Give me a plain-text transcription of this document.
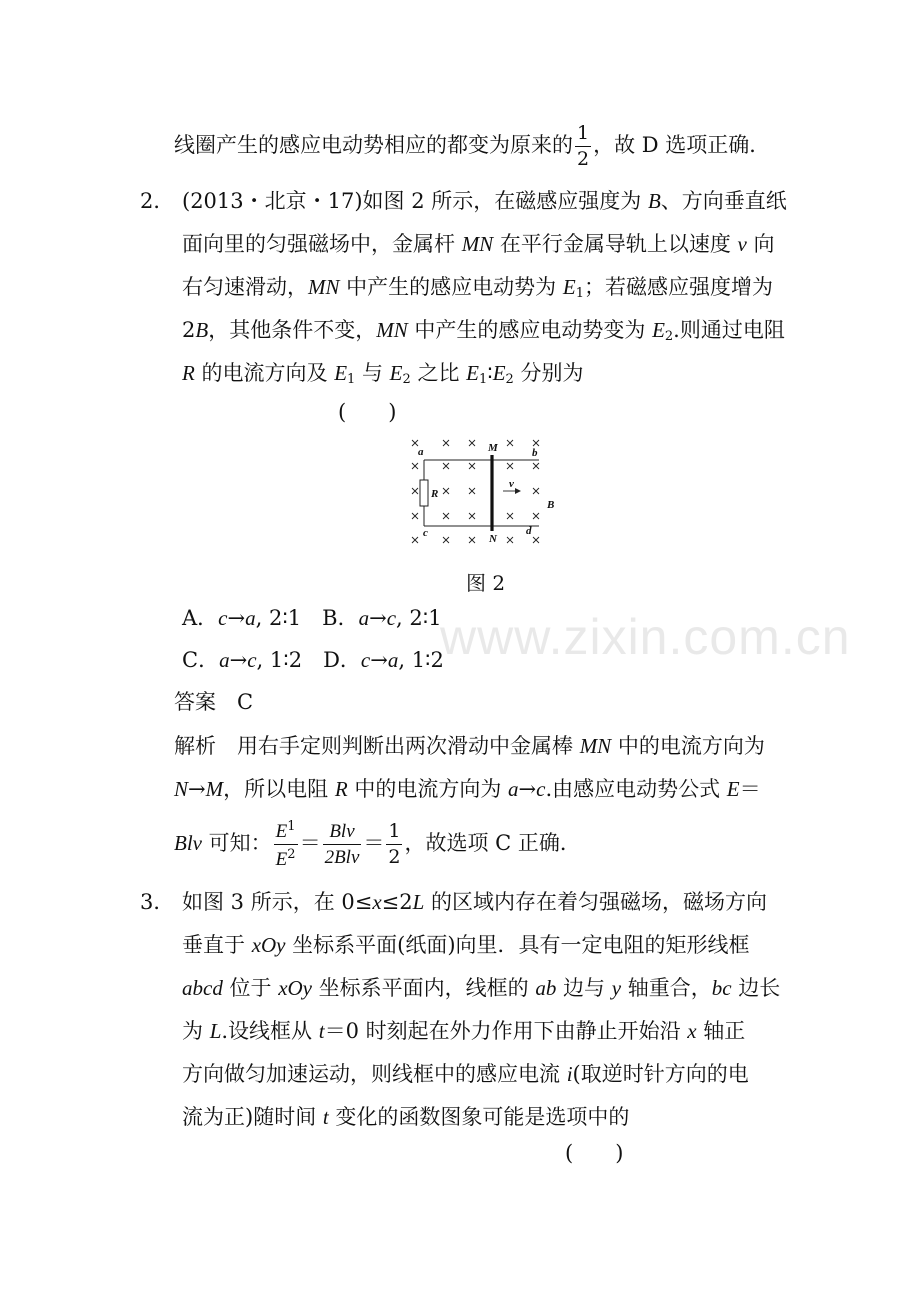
线圈产生的感应电动势相应的都变为原来的 $\frac{1}{2}$ ，故 D 选项正确．
2． (2013・北京・17)如图 2 所示，在磁感应强度为 B、方向垂直纸
面向里的匀强磁场中，金属杆 MN 在平行金属导轨上以速度 v 向
右匀速滑动，MN 中产生的感应电动势为 $E_1$；若磁感应强度增为
2B，其他条件不变，MN 中产生的感应电动势变为 $E_2$.则通过电阻
R 的电流方向及 $E_1$ 与 $E_2$ 之比 $E_1∶E_2$ 分别为
(　　)
a	b
c	d
M
N
R
v
B
图 2
www.zixin.com.cn
A．c→a, 2∶1　 B．a→c, 2∶1
C．a→c, 1∶2　 D．c→a, 1∶2
答案　 C
解析　用右手定则判断出两次滑动中金属棒 MN 中的电流方向为
N→M，所以电阻 R 中的电流方向为 a→c.由感应电动势公式 E＝
Blv 可知： $\frac{E^1}{E^2} = \frac{\text{Blv}}{\text{2Blv}} = \frac{1}{2}$ ，故选项 C 正确．
3． 如图 3 所示，在 0≤x≤2L 的区域内存在着匀强磁场，磁场方向
垂直于 xOy 坐标系平面(纸面)向里．具有一定电阻的矩形线框
abcd 位于 xOy 坐标系平面内，线框的 ab 边与 y 轴重合，bc 边长
为 L.设线框从 t＝0 时刻起在外力作用下由静止开始沿 x 轴正
方向做匀加速运动，则线框中的感应电流 i(取逆时针方向的电
流为正)随时间 t 变化的函数图象可能是选项中的
(　　)
